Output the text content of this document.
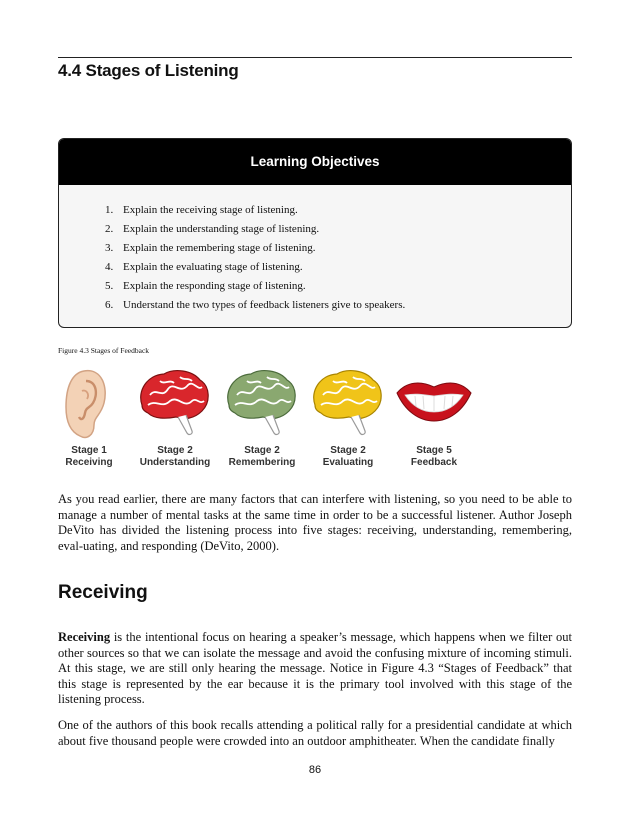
4.4 Stages of Listening
Learning Objectives
1. Explain the receiving stage of listening.
2. Explain the understanding stage of listening.
3. Explain the remembering stage of listening.
4. Explain the evaluating stage of listening.
5. Explain the responding stage of listening.
6. Understand the two types of feedback listeners give to speakers.
Figure 4.3 Stages of Feedback
Stage 1
Receiving
Stage 2
Understanding
Stage 2
Remembering
Stage 2
Evaluating
Stage 5
Feedback

As you read earlier, there are many factors that can interfere with listening, so you need to be able to manage a number of mental tasks at the same time in order to be a successful listener. Author Joseph DeVito has divided the listening process into five stages: receiving, understanding, remembering, eval-uating, and responding (DeVito, 2000).

Receiving

Receiving is the intentional focus on hearing a speaker’s message, which happens when we filter out other sources so that we can isolate the message and avoid the confusing mixture of incoming stimuli. At this stage, we are still only hearing the message. Notice in Figure 4.3 “Stages of Feedback” that this stage is represented by the ear because it is the primary tool involved with this stage of the listening process.

One of the authors of this book recalls attending a political rally for a presidential candidate at which about five thousand people were crowded into an outdoor amphitheater. When the candidate finally

86
